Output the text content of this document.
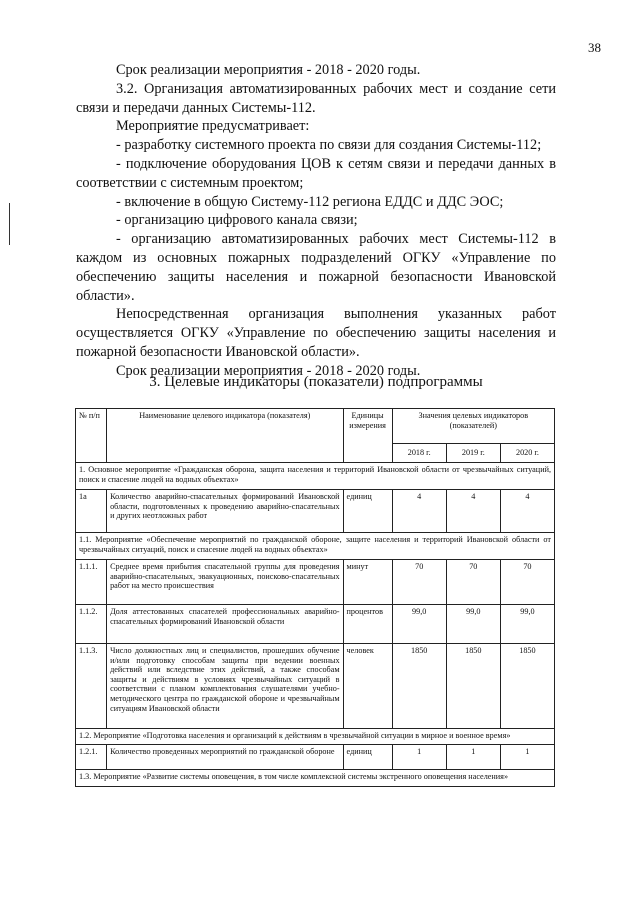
38

Срок реализации мероприятия - 2018 - 2020 годы.

3.2. Организация автоматизированных рабочих мест и создание сети связи и передачи данных Системы-112.

Мероприятие предусматривает:

- разработку системного проекта по связи для создания Системы-112;

- подключение оборудования ЦОВ к сетям связи и передачи данных в соответствии с системным проектом;

- включение в общую Систему-112 региона ЕДДС и ДДС ЭОС;

- организацию цифрового канала связи;

- организацию автоматизированных рабочих мест Системы-112 в каждом из основных пожарных подразделений ОГКУ «Управление по обеспечению защиты населения и пожарной безопасности Ивановской области».

Непосредственная организация выполнения указанных работ осуществляется ОГКУ «Управление по обеспечению защиты населения и пожарной безопасности Ивановской области».

Срок реализации мероприятия - 2018 - 2020 годы.

3. Целевые индикаторы (показатели) подпрограммы
№ п/п	Наименование целевого индикатора (показателя)	Единицы измерения	Значения целевых индикаторов (показателей)		
			2018 г.	2019 г.	2020 г.
1. Основное мероприятие «Гражданская оборона, защита населения и территорий Ивановской области от чрезвычайных ситуаций, поиск и спасение людей на водных объектах»					
1а	Количество аварийно-спасательных формирований Ивановской области, подготовленных к проведению аварийно-спасательных и других неотложных работ	единиц	4	4	4
1.1. Мероприятие «Обеспечение мероприятий по гражданской обороне, защите населения и территорий Ивановской области от чрезвычайных ситуаций, поиск и спасение людей на водных объектах»					
1.1.1.	Среднее время прибытия спасательной группы для проведения аварийно-спасательных, эвакуационных, поисково-спасательных работ на место происшествия	минут	70	70	70
1.1.2.	Доля аттестованных спасателей профессиональных аварийно-спасательных формирований Ивановской области	процентов	99,0	99,0	99,0
1.1.3.	Число должностных лиц и специалистов, прошедших обучение и/или подготовку способам защиты при ведении военных действий или вследствие этих действий, а также способам защиты и действиям в условиях чрезвычайных ситуаций в соответствии с планом комплектования слушателями учебно-методического центра по гражданской обороне и чрезвычайным ситуациям Ивановской области	человек	1850	1850	1850
1.2. Мероприятие «Подготовка населения и организаций к действиям в чрезвычайной ситуации в мирное и военное время»					
1.2.1.	Количество проведенных мероприятий по гражданской обороне	единиц	1	1	1
1.3. Мероприятие «Развитие системы оповещения, в том числе комплексной системы экстренного оповещения населения»					
